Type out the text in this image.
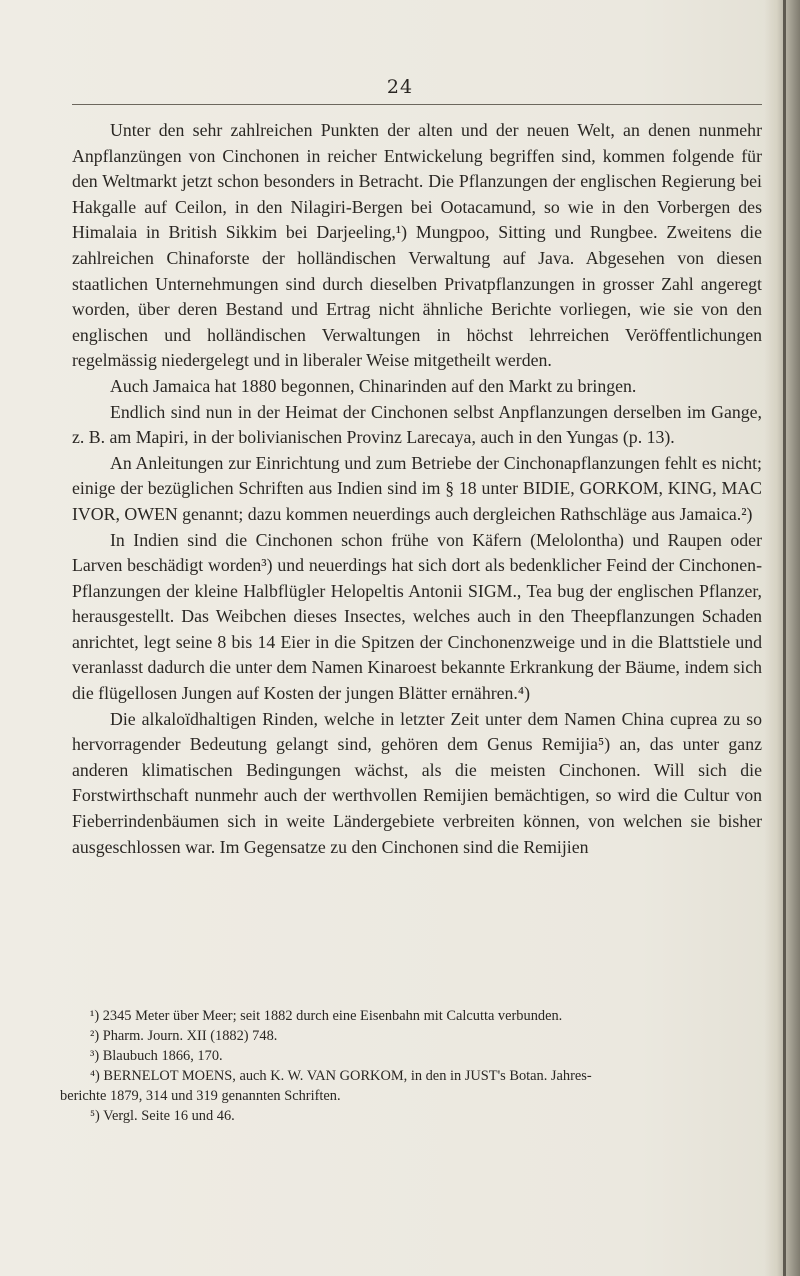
24

Unter den sehr zahlreichen Punkten der alten und der neuen Welt, an denen nunmehr Anpflanzüngen von Cinchonen in reicher Entwickelung begriffen sind, kommen folgende für den Weltmarkt jetzt schon besonders in Betracht. Die Pflanzungen der englischen Regierung bei Hakgalle auf Ceilon, in den Nilagiri-Bergen bei Ootacamund, so wie in den Vorbergen des Himalaia in British Sikkim bei Darjeeling,¹) Mungpoo, Sitting und Rungbee. Zweitens die zahlreichen Chinaforste der holländischen Verwaltung auf Java. Abgesehen von diesen staatlichen Unternehmungen sind durch dieselben Privatpflanzungen in grosser Zahl angeregt worden, über deren Bestand und Ertrag nicht ähnliche Berichte vorliegen, wie sie von den englischen und holländischen Verwaltungen in höchst lehrreichen Veröffentlichungen regelmässig niedergelegt und in liberaler Weise mitgetheilt werden.

Auch Jamaica hat 1880 begonnen, Chinarinden auf den Markt zu bringen.

Endlich sind nun in der Heimat der Cinchonen selbst Anpflanzungen derselben im Gange, z. B. am Mapiri, in der bolivianischen Provinz Larecaya, auch in den Yungas (p. 13).

An Anleitungen zur Einrichtung und zum Betriebe der Cinchonapflanzungen fehlt es nicht; einige der bezüglichen Schriften aus Indien sind im § 18 unter BIDIE, GORKOM, KING, MAC IVOR, OWEN genannt; dazu kommen neuerdings auch dergleichen Rathschläge aus Jamaica.²)

In Indien sind die Cinchonen schon frühe von Käfern (Melolontha) und Raupen oder Larven beschädigt worden³) und neuerdings hat sich dort als bedenklicher Feind der Cinchonen-Pflanzungen der kleine Halbflügler Helopeltis Antonii SIGM., Tea bug der englischen Pflanzer, herausgestellt. Das Weibchen dieses Insectes, welches auch in den Theepflanzungen Schaden anrichtet, legt seine 8 bis 14 Eier in die Spitzen der Cinchonenzweige und in die Blattstiele und veranlasst dadurch die unter dem Namen Kinaroest bekannte Erkrankung der Bäume, indem sich die flügellosen Jungen auf Kosten der jungen Blätter ernähren.⁴)

Die alkaloïdhaltigen Rinden, welche in letzter Zeit unter dem Namen China cuprea zu so hervorragender Bedeutung gelangt sind, gehören dem Genus Remijia⁵) an, das unter ganz anderen klimatischen Bedingungen wächst, als die meisten Cinchonen. Will sich die Forstwirthschaft nunmehr auch der werthvollen Remijien bemächtigen, so wird die Cultur von Fieberrindenbäumen sich in weite Ländergebiete verbreiten können, von welchen sie bisher ausgeschlossen war. Im Gegensatze zu den Cinchonen sind die Remijien

¹) 2345 Meter über Meer; seit 1882 durch eine Eisenbahn mit Calcutta verbunden.

²) Pharm. Journ. XII (1882) 748.

³) Blaubuch 1866, 170.

⁴) BERNELOT MOENS, auch K. W. VAN GORKOM, in den in JUST's Botan. Jahres-

berichte 1879, 314 und 319 genannten Schriften.

⁵) Vergl. Seite 16 und 46.
